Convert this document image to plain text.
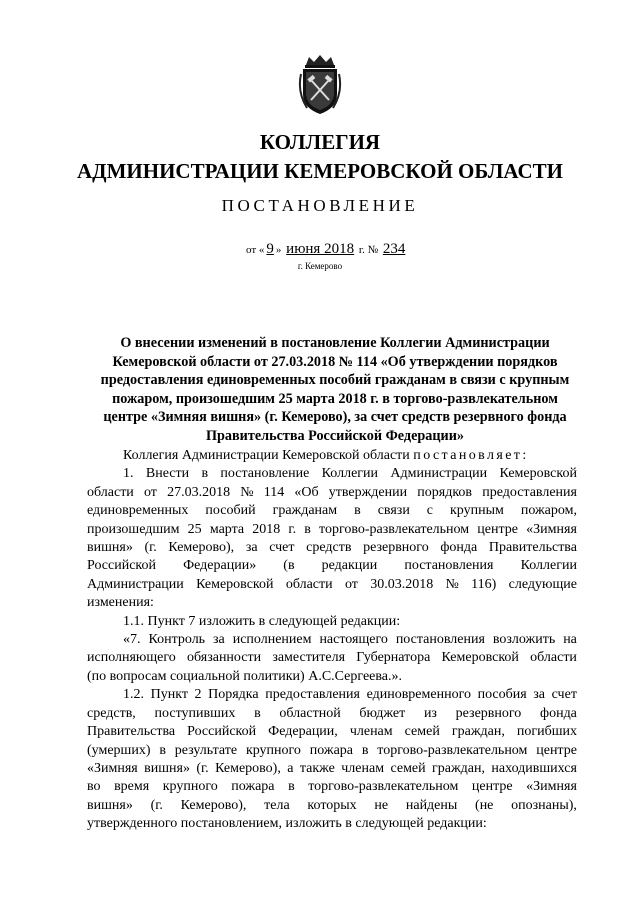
КОЛЛЕГИЯ
АДМИНИСТРАЦИИ КЕМЕРОВСКОЙ ОБЛАСТИ
ПОСТАНОВЛЕНИЕ
от « 9 » июня 2018 г. № 234
г. Кемерово
О внесении изменений в постановление Коллегии Администрации
Кемеровской области от 27.03.2018 № 114 «Об утверждении порядков
предоставления единовременных пособий гражданам в связи с крупным
пожаром, произошедшим 25 марта 2018 г. в торгово-развлекательном
центре «Зимняя вишня» (г. Кемерово), за счет средств резервного фонда
Правительства Российской Федерации»
Коллегия Администрации Кемеровской области
постановляет:
1. Внести в постановление Коллегии Администрации Кемеровской
области от 27.03.2018 № 114 «Об утверждении порядков предоставления
единовременных пособий гражданам в связи с крупным пожаром,
произошедшим 25 марта 2018 г. в торгово-развлекательном центре «Зимняя
вишня» (г. Кемерово), за счет средств резервного фонда Правительства
Российской Федерации» (в редакции постановления Коллегии
Администрации Кемеровской области от 30.03.2018 № 116) следующие
изменения:
1.1. Пункт 7 изложить в следующей редакции:
«7. Контроль за исполнением настоящего постановления возложить на
исполняющего обязанности заместителя Губернатора Кемеровской области
(по вопросам социальной политики) А.С.Сергеева.».
1.2. Пункт 2 Порядка предоставления единовременного пособия за счет
средств, поступивших в областной бюджет из резервного фонда
Правительства Российской Федерации, членам семей граждан, погибших
(умерших) в результате крупного пожара в торгово-развлекательном центре
«Зимняя вишня» (г. Кемерово), а также членам семей граждан, находившихся
во время крупного пожара в торгово-развлекательном центре «Зимняя
вишня» (г. Кемерово), тела которых не найдены (не опознаны),
утвержденного постановлением, изложить в следующей редакции:
